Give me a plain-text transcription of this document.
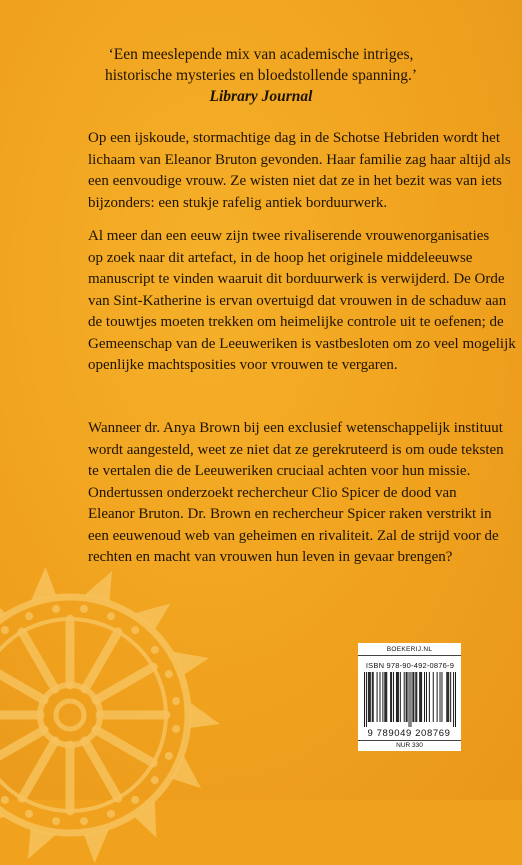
‘Een meeslepende mix van academische intriges,
historische mysteries en bloedstollende spanning.’
Library Journal
Op een ijskoude, stormachtige dag in de Schotse Hebriden wordt het
lichaam van Eleanor Bruton gevonden. Haar familie zag haar altijd als
een eenvoudige vrouw. Ze wisten niet dat ze in het bezit was van iets
bijzonders: een stukje rafelig antiek borduurwerk.
Al meer dan een eeuw zijn twee rivaliserende vrouwenorganisaties
op zoek naar dit artefact, in de hoop het originele middeleeuwse
manuscript te vinden waaruit dit borduurwerk is verwijderd. De Orde
van Sint-Katherine is ervan overtuigd dat vrouwen in de schaduw aan
de touwtjes moeten trekken om heimelijke controle uit te oefenen; de
Gemeenschap van de Leeuweriken is vastbesloten om zo veel mogelijk
openlijke machtsposities voor vrouwen te vergaren.
Wanneer dr. Anya Brown bij een exclusief wetenschappelijk instituut
wordt aangesteld, weet ze niet dat ze gerekruteerd is om oude teksten
te vertalen die de Leeuweriken cruciaal achten voor hun missie.
Ondertussen onderzoekt rechercheur Clio Spicer de dood van
Eleanor Bruton. Dr. Brown en rechercheur Spicer raken verstrikt in
een eeuwenoud web van geheimen en rivaliteit. Zal de strijd voor de
rechten en macht van vrouwen hun leven in gevaar brengen?
BOEKERIJ.NL
ISBN 978-90-492-0876-9
9 789049 208769
NUR 330
